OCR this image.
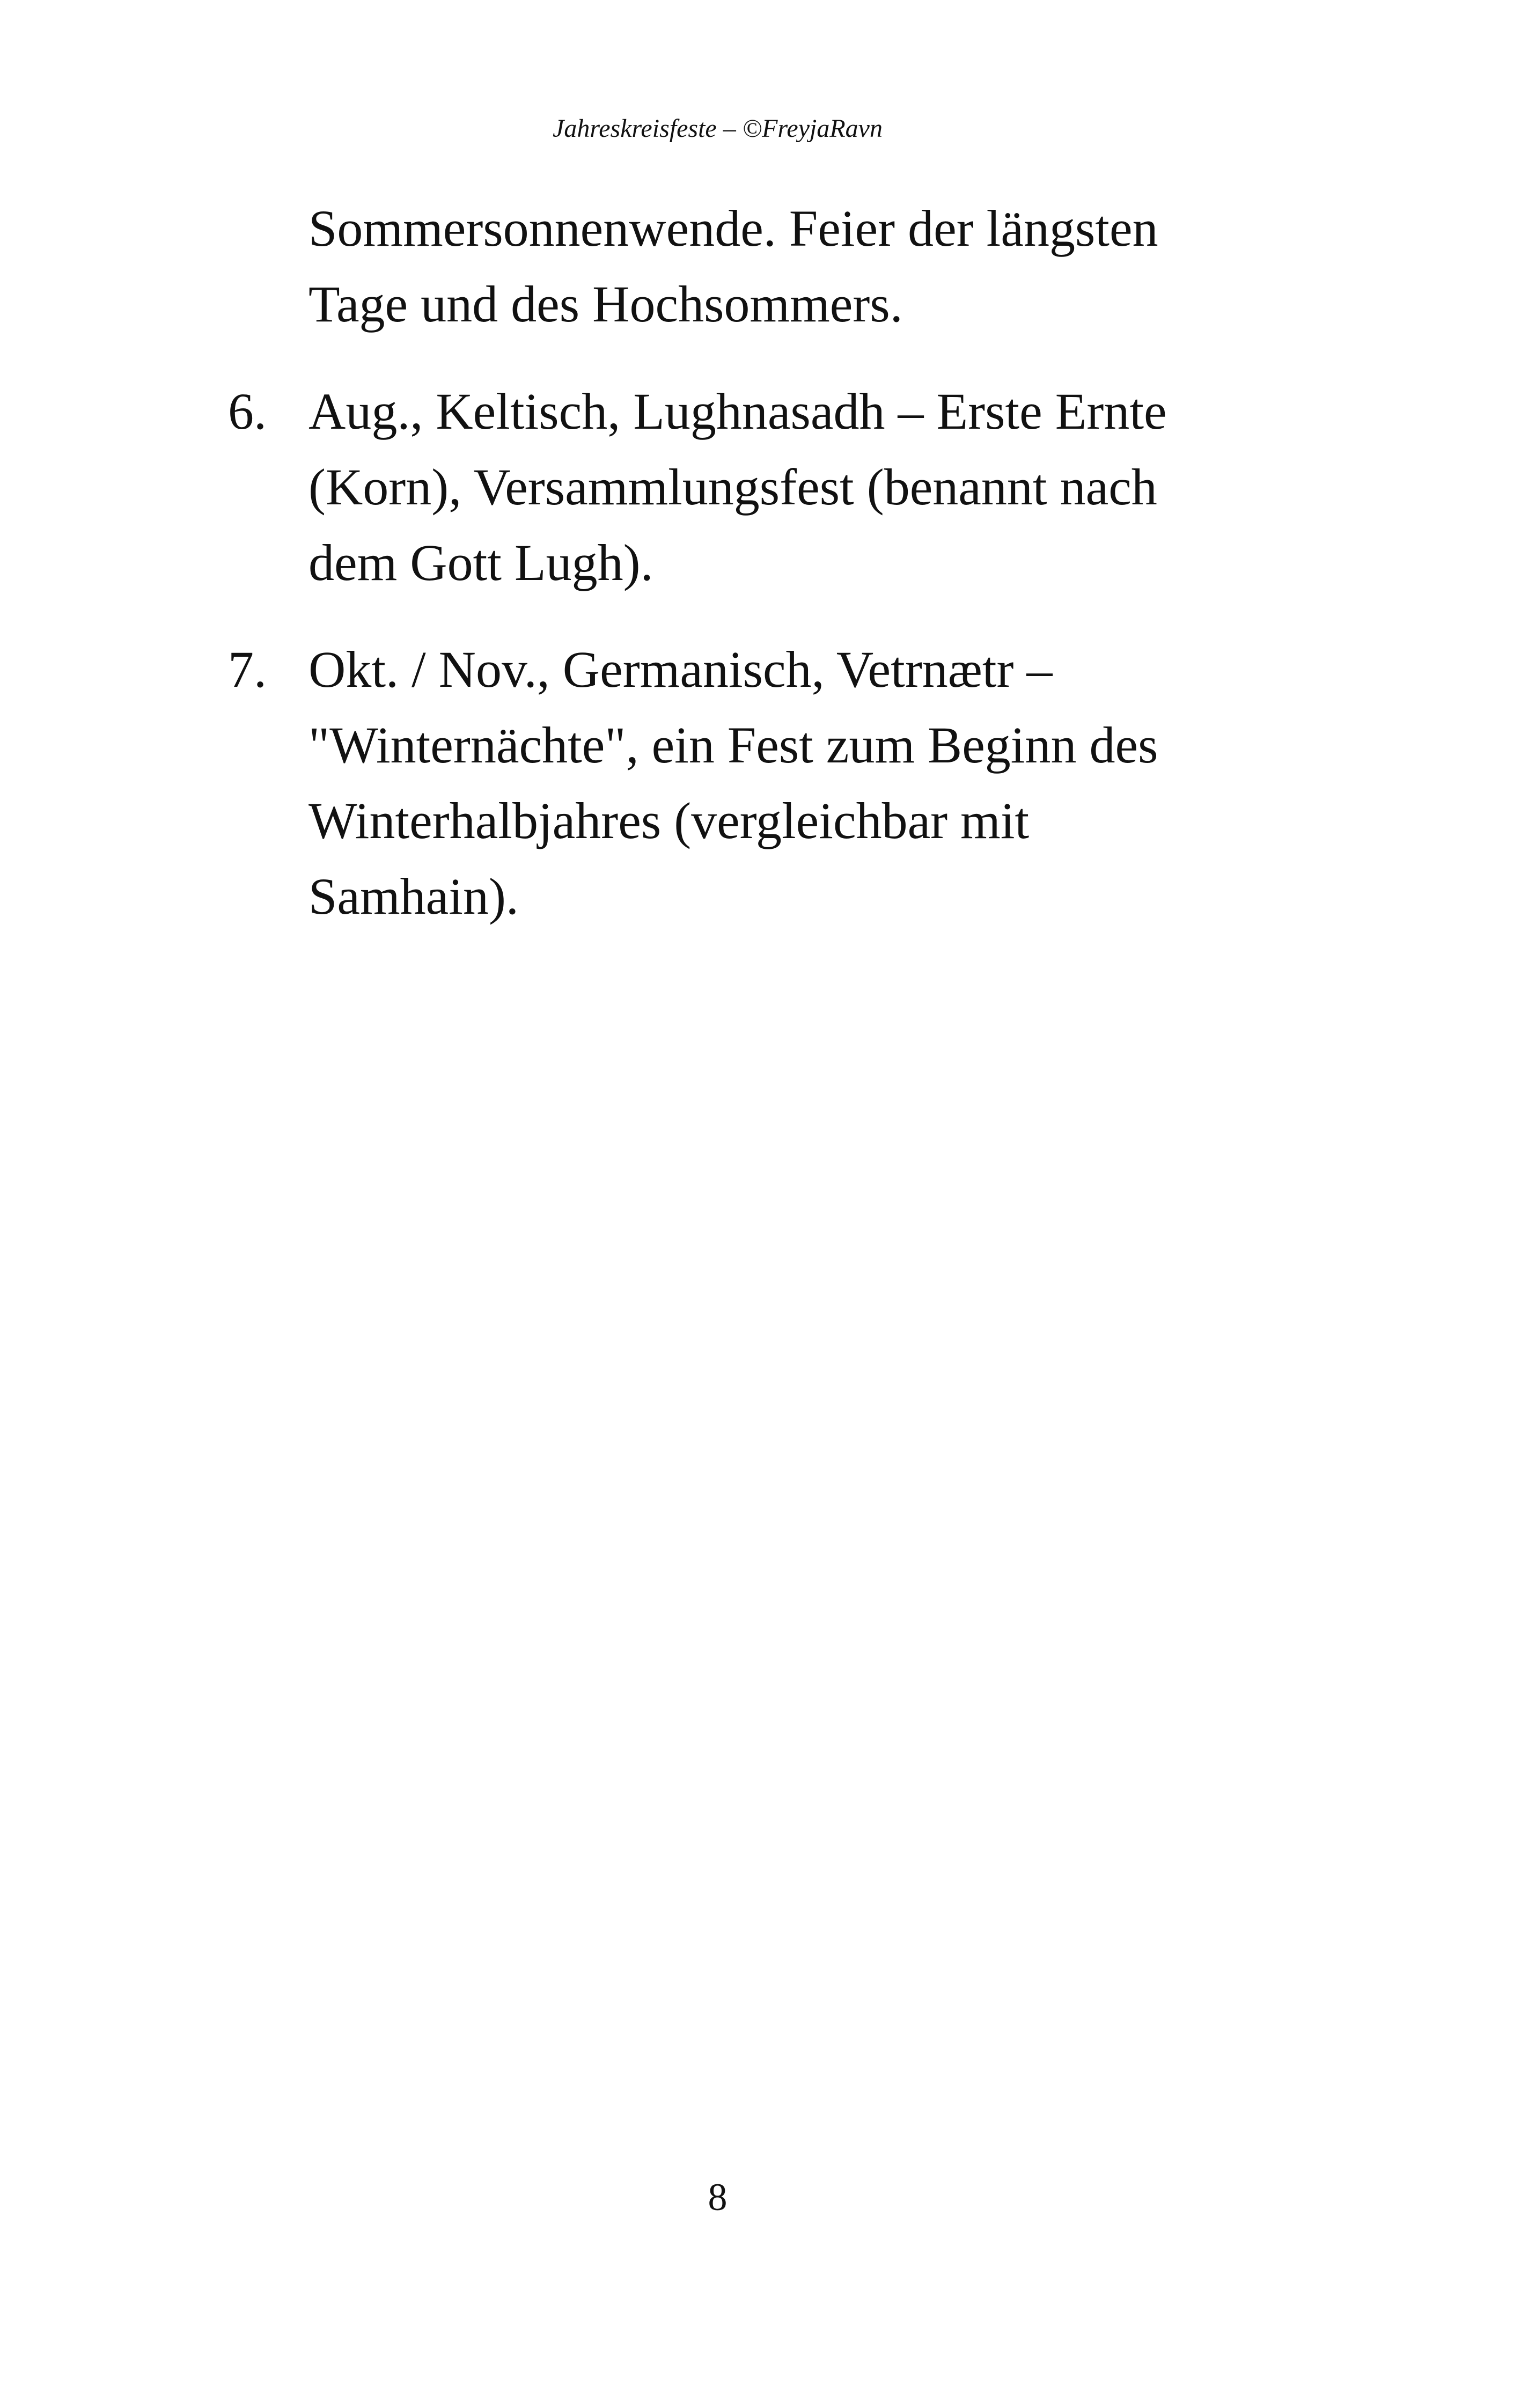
Jahreskreisfeste – ©FreyjaRavn
Sommersonnenwende. Feier der längsten
Tage und des Hochsommers.
6. Aug., Keltisch, Lughnasadh – Erste Ernte
(Korn), Versammlungsfest (benannt nach
dem Gott Lugh).
7. Okt. / Nov., Germanisch, Vetrnætr –
"Winternächte", ein Fest zum Beginn des
Winterhalbjahres (vergleichbar mit
Samhain).
8
